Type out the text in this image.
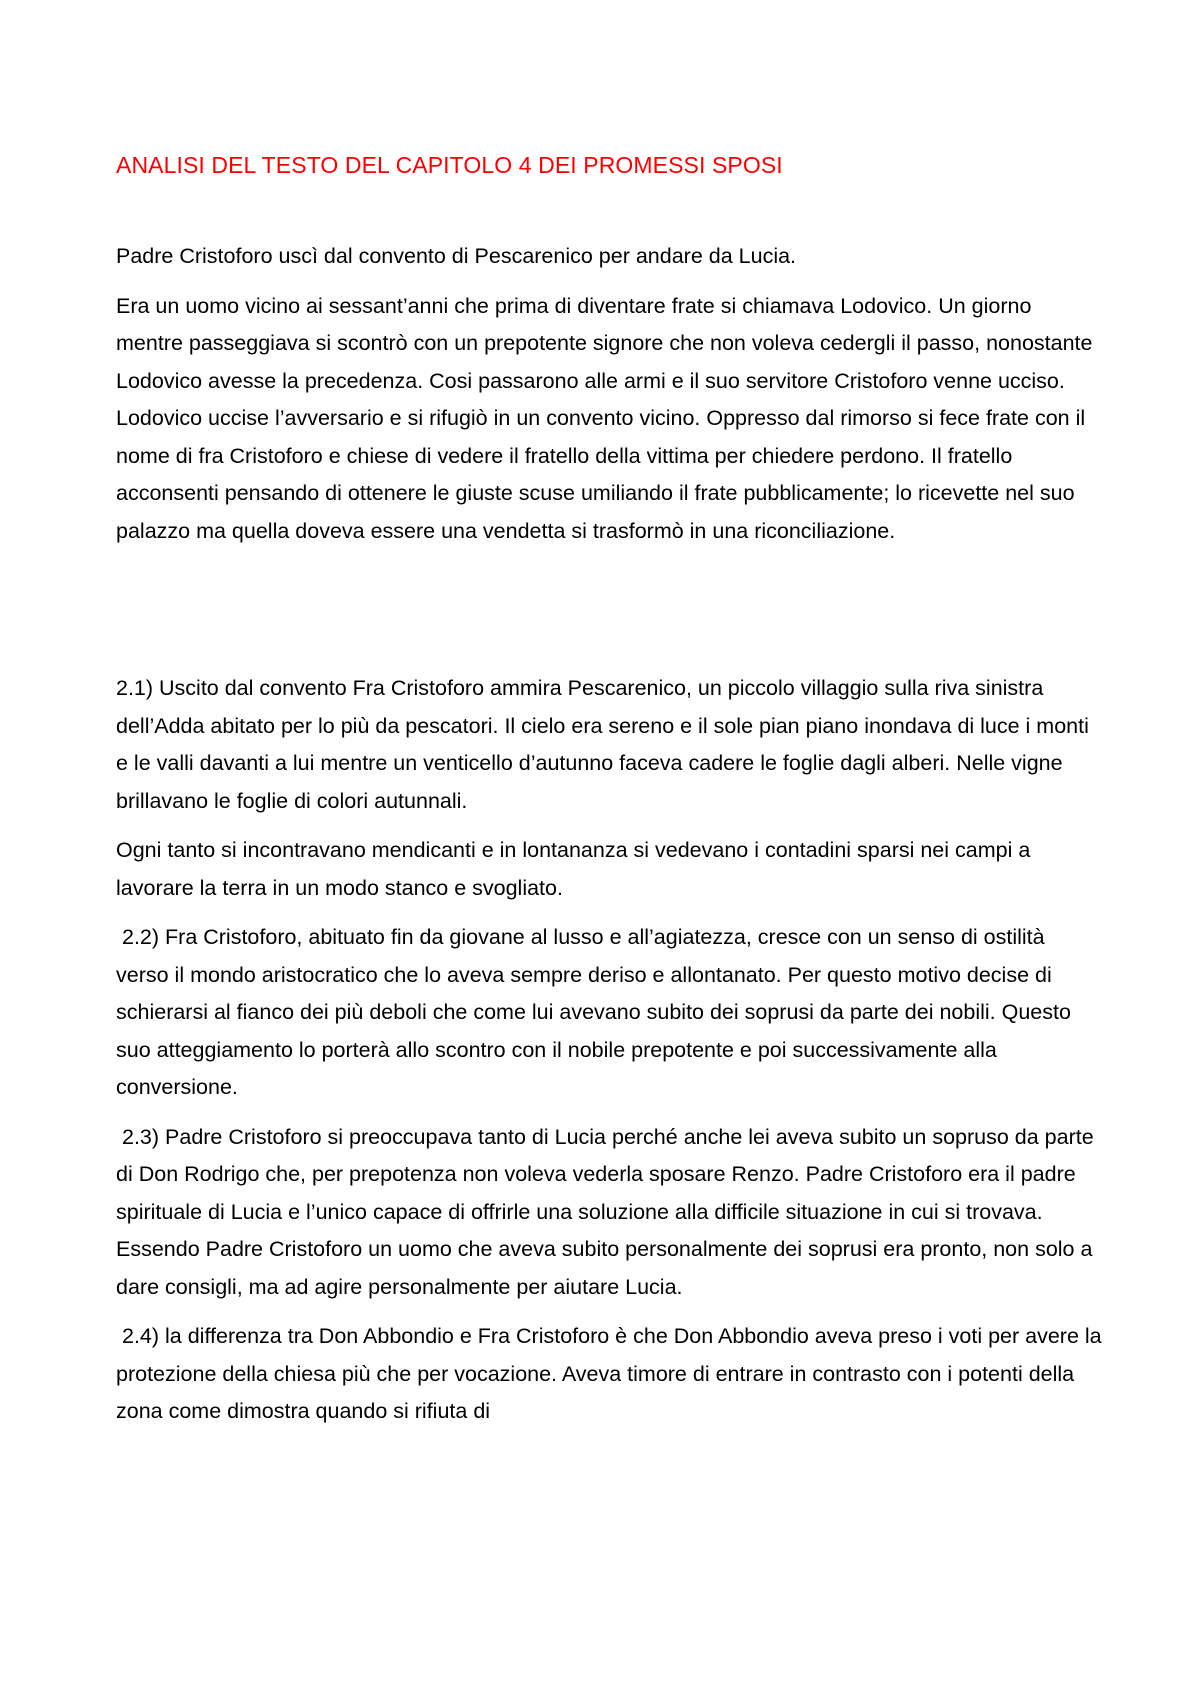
ANALISI DEL TESTO DEL CAPITOLO 4 DEI PROMESSI SPOSI

Padre Cristoforo uscì dal convento di Pescarenico per andare da Lucia.

Era un uomo vicino ai sessant’anni che prima di diventare frate si chiamava Lodovico. Un giorno mentre passeggiava si scontrò con un prepotente signore che non voleva cedergli il passo, nonostante Lodovico avesse la precedenza. Cosi passarono alle armi e il suo servitore Cristoforo venne ucciso. Lodovico uccise l’avversario e si rifugiò in un convento vicino. Oppresso dal rimorso si fece frate con il nome di fra Cristoforo e chiese di vedere il fratello della vittima per chiedere perdono. Il fratello acconsenti pensando di ottenere le giuste scuse umiliando il frate pubblicamente; lo ricevette nel suo palazzo ma quella doveva essere una vendetta si trasformò in una riconciliazione.

2.1) Uscito dal convento Fra Cristoforo ammira Pescarenico, un piccolo villaggio sulla riva sinistra dell’Adda abitato per lo più da pescatori. Il cielo era sereno e il sole pian piano inondava di luce i monti e le valli davanti a lui mentre un venticello d’autunno faceva cadere le foglie dagli alberi. Nelle vigne brillavano le foglie di colori autunnali.

Ogni tanto si incontravano mendicanti e in lontananza si vedevano i contadini sparsi nei campi a lavorare la terra in un modo stanco e svogliato.

2.2) Fra Cristoforo, abituato fin da giovane al lusso e all’agiatezza, cresce con un senso di ostilità verso il mondo aristocratico che lo aveva sempre deriso e allontanato. Per questo motivo decise di schierarsi al fianco dei più deboli che come lui avevano subito dei soprusi da parte dei nobili. Questo suo atteggiamento lo porterà allo scontro con il nobile prepotente e poi successivamente alla conversione.

2.3) Padre Cristoforo si preoccupava tanto di Lucia perché anche lei aveva subito un sopruso da parte di Don Rodrigo che, per prepotenza non voleva vederla sposare Renzo. Padre Cristoforo era il padre spirituale di Lucia e l’unico capace di offrirle una soluzione alla difficile situazione in cui si trovava. Essendo Padre Cristoforo un uomo che aveva subito personalmente dei soprusi era pronto, non solo a dare consigli, ma ad agire personalmente per aiutare Lucia.

2.4) la differenza tra Don Abbondio e Fra Cristoforo è che Don Abbondio aveva preso i voti per avere la protezione della chiesa più che per vocazione. Aveva timore di entrare in contrasto con i potenti della zona come dimostra quando si rifiuta di
